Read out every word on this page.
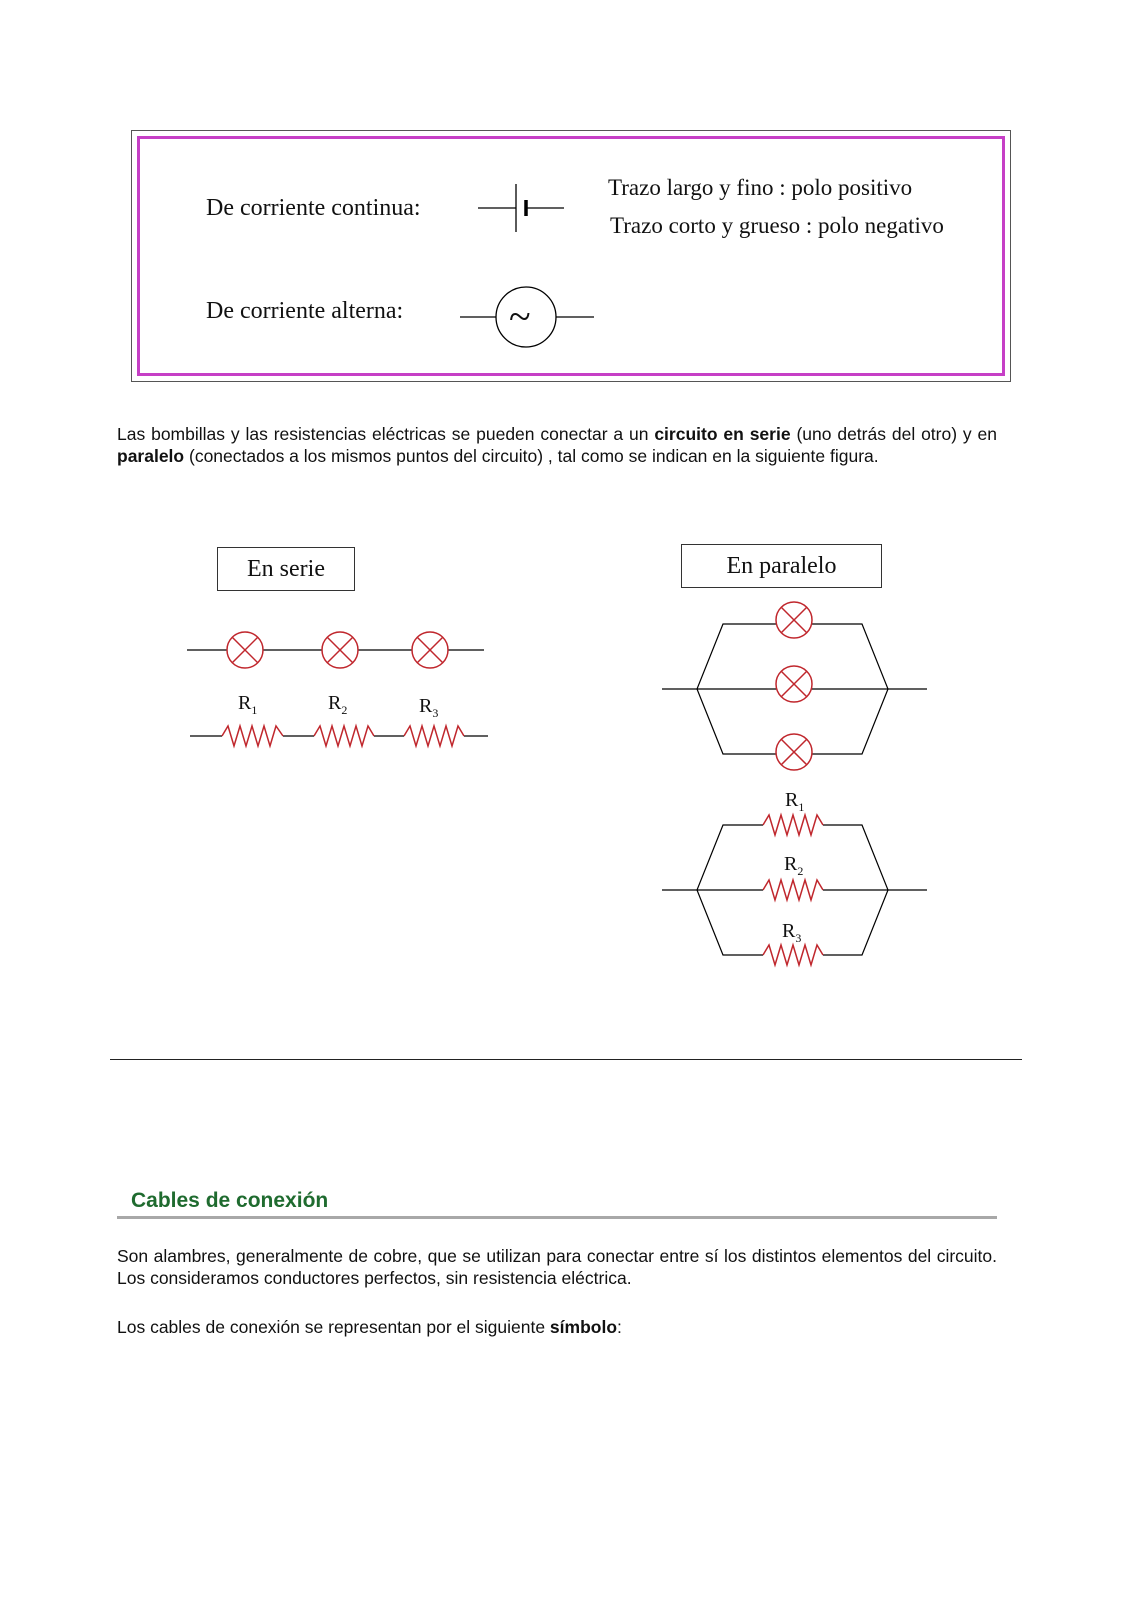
De corriente continua:
Trazo largo y fino : polo positivo
Trazo corto y grueso : polo negativo
De corriente alterna:	~
Las bombillas y las resistencias eléctricas se pueden conectar a un circuito en serie (uno detrás del otro) y en paralelo (conectados a los mismos puntos del circuito) , tal como se indican en la siguiente figura.
En serie	En paralelo
$R_1$	$R_2$	$R_3$
$R_1$
$R_2$
$R_3$
Cables de conexión
Son alambres, generalmente de cobre, que se utilizan para conectar entre sí los distintos elementos del circuito. Los consideramos conductores perfectos, sin resistencia eléctrica.
Los cables de conexión se representan por el siguiente símbolo:
